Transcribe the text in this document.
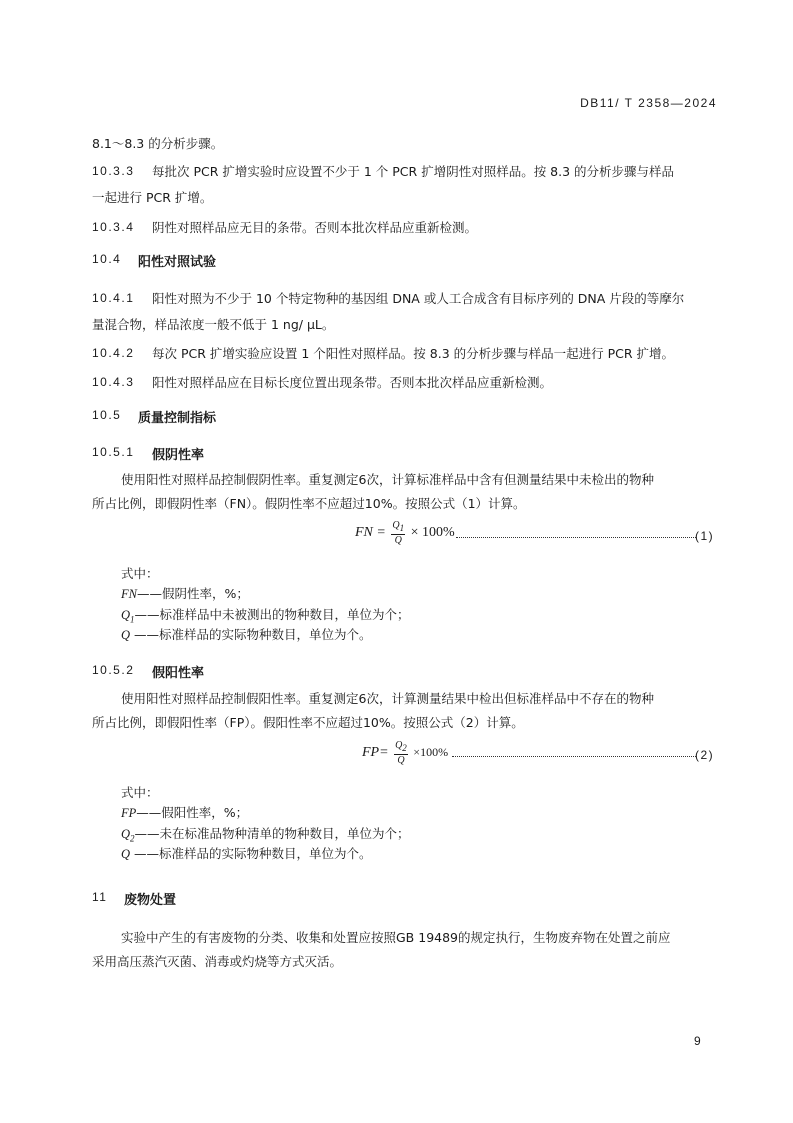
DB11/ T 2358—2024
8.1～8.3 的分析步骤。
10.3.3 每批次 PCR 扩增实验时应设置不少于 1 个 PCR 扩增阴性对照样品。按 8.3 的分析步骤与样品
一起进行 PCR 扩增。
10.3.4 阴性对照样品应无目的条带。否则本批次样品应重新检测。
10.4 阳性对照试验
10.4.1 阳性对照为不少于 10 个特定物种的基因组 DNA 或人工合成含有目标序列的 DNA 片段的等摩尔
量混合物，样品浓度一般不低于 1 ng/ μL。
10.4.2 每次 PCR 扩增实验应设置 1 个阳性对照样品。按 8.3 的分析步骤与样品一起进行 PCR 扩增。
10.4.3 阳性对照样品应在目标长度位置出现条带。否则本批次样品应重新检测。
10.5 质量控制指标
10.5.1 假阴性率
使用阳性对照样品控制假阴性率。重复测定6次，计算标准样品中含有但测量结果中未检出的物种
所占比例，即假阴性率（FN）。假阴性率不应超过10%。按照公式（1）计算。
FN = $\frac{Q_1}{Q} \times 100\%$	(1)
式中：
FN——假阴性率，%；
$Q_1——$标准样品中未被测出的物种数目，单位为个；
Q ——标准样品的实际物种数目，单位为个。
10.5.2 假阳性率
使用阳性对照样品控制假阳性率。重复测定6次，计算测量结果中检出但标准样品中不存在的物种
所占比例，即假阳性率（FP）。假阳性率不应超过10%。按照公式（2）计算。
$FP= \frac{Q_2}{Q} \times 100\%$	(2)
式中：
FP——假阳性率，%；
$Q_2——$未在标准品物种清单的物种数目，单位为个；
Q ——标准样品的实际物种数目，单位为个。
11 废物处置
实验中产生的有害废物的分类、收集和处置应按照GB 19489的规定执行，生物废弃物在处置之前应
采用高压蒸汽灭菌、消毒或灼烧等方式灭活。
9
